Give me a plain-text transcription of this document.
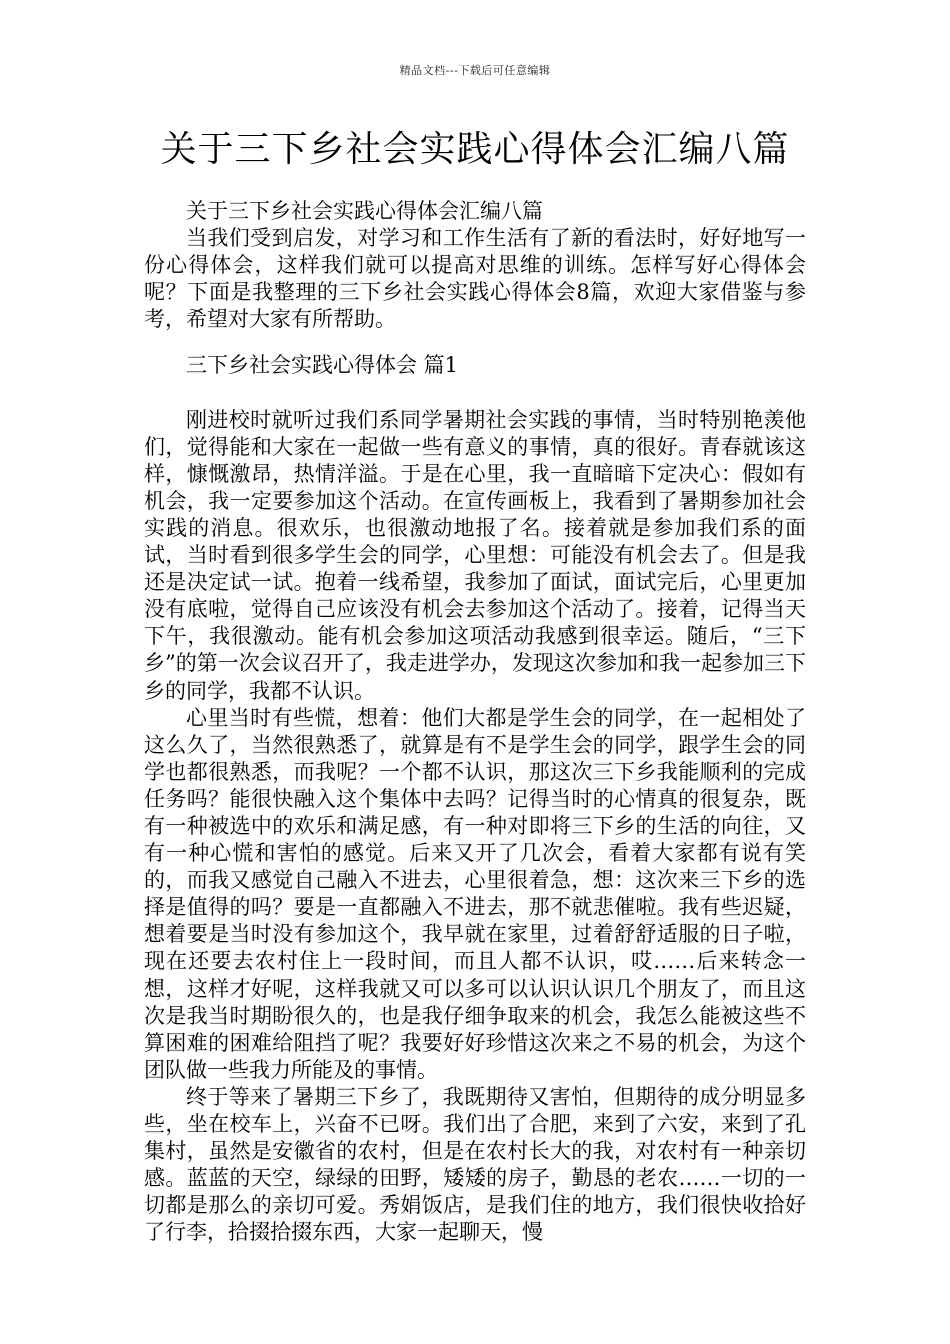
精品文档---下载后可任意编辑
关于三下乡社会实践心得体会汇编八篇

关于三下乡社会实践心得体会汇编八篇

当我们受到启发，对学习和工作生活有了新的看法时，好好地写一份心得体会，这样我们就可以提高对思维的训练。怎样写好心得体会呢？下面是我整理的三下乡社会实践心得体会8篇，欢迎大家借鉴与参考，希望对大家有所帮助。

三下乡社会实践心得体会 篇1

刚进校时就听过我们系同学暑期社会实践的事情，当时特别艳羡他们，觉得能和大家在一起做一些有意义的事情，真的很好。青春就该这样，慷慨激昂，热情洋溢。于是在心里，我一直暗暗下定决心：假如有机会，我一定要参加这个活动。在宣传画板上，我看到了暑期参加社会实践的消息。很欢乐，也很激动地报了名。接着就是参加我们系的面试，当时看到很多学生会的同学，心里想：可能没有机会去了。但是我还是决定试一试。抱着一线希望，我参加了面试，面试完后，心里更加没有底啦，觉得自己应该没有机会去参加这个活动了。接着，记得当天下午，我很激动。能有机会参加这项活动我感到很幸运。随后，“三下乡”的第一次会议召开了，我走进学办，发现这次参加和我一起参加三下乡的同学，我都不认识。

心里当时有些慌，想着：他们大都是学生会的同学，在一起相处了这么久了，当然很熟悉了，就算是有不是学生会的同学，跟学生会的同学也都很熟悉，而我呢？一个都不认识，那这次三下乡我能顺利的完成任务吗？能很快融入这个集体中去吗？记得当时的心情真的很复杂，既有一种被选中的欢乐和满足感，有一种对即将三下乡的生活的向往，又有一种心慌和害怕的感觉。后来又开了几次会，看着大家都有说有笑的，而我又感觉自己融入不进去，心里很着急，想：这次来三下乡的选择是值得的吗？要是一直都融入不进去，那不就悲催啦。我有些迟疑，想着要是当时没有参加这个，我早就在家里，过着舒舒适服的日子啦，现在还要去农村住上一段时间，而且人都不认识，哎……后来转念一想，这样才好呢，这样我就又可以多可以认识认识几个朋友了，而且这次是我当时期盼很久的，也是我仔细争取来的机会，我怎么能被这些不算困难的困难给阻挡了呢？我要好好珍惜这次来之不易的机会，为这个团队做一些我力所能及的事情。

终于等来了暑期三下乡了，我既期待又害怕，但期待的成分明显多些，坐在校车上，兴奋不已呀。我们出了合肥，来到了六安，来到了孔集村，虽然是安徽省的农村，但是在农村长大的我，对农村有一种亲切感。蓝蓝的天空，绿绿的田野，矮矮的房子，勤恳的老农……一切的一切都是那么的亲切可爱。秀娟饭店，是我们住的地方，我们很快收拾好了行李，拾掇拾掇东西，大家一起聊天，慢
